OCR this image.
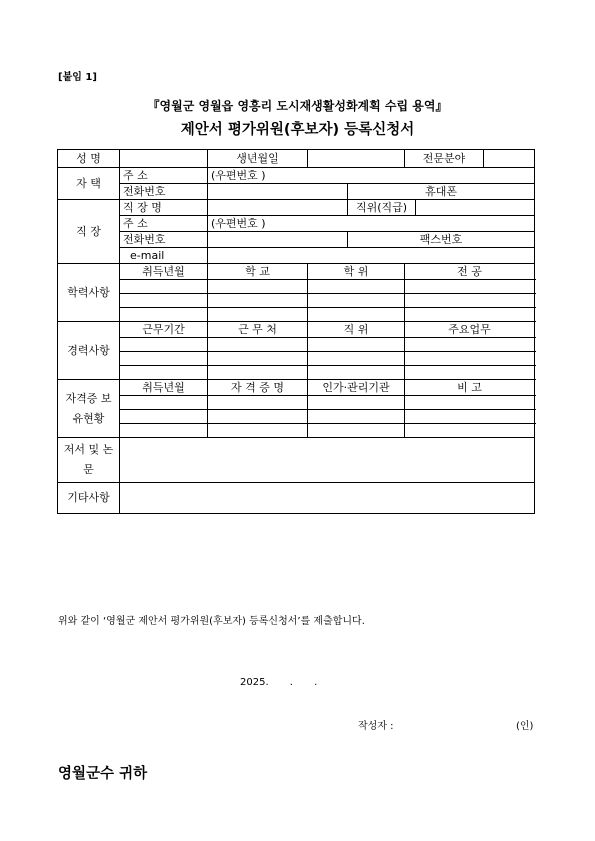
[붙임 1]
『영월군 영월읍 영흥리 도시재생활성화계획 수립 용역』
제안서 평가위원(후보자) 등록신청서
성 명		생년월일			전문분야	

자 택	주 소	(우편번호 )				
	전화번호			휴대폰		
직 장	직 장 명			직위(직급)		

	주 소	(우편번호 )				
	전화번호			팩스번호		
	e-mail					
학력사항	취득년월	학 교	학 위		전 공	

경력사항	근무기간	근 무 처	직 위		주요업무	

자격증 보유현황	취득년월	자 격 증 명	인가·관리기관		비 고	

저서 및 논문						
기타사항						
위와 같이 ‘영월군 제안서 평가위원(후보자) 등록신청서’를 제출합니다.
2025. . .
작성자 :	(인)
영월군수 귀하
